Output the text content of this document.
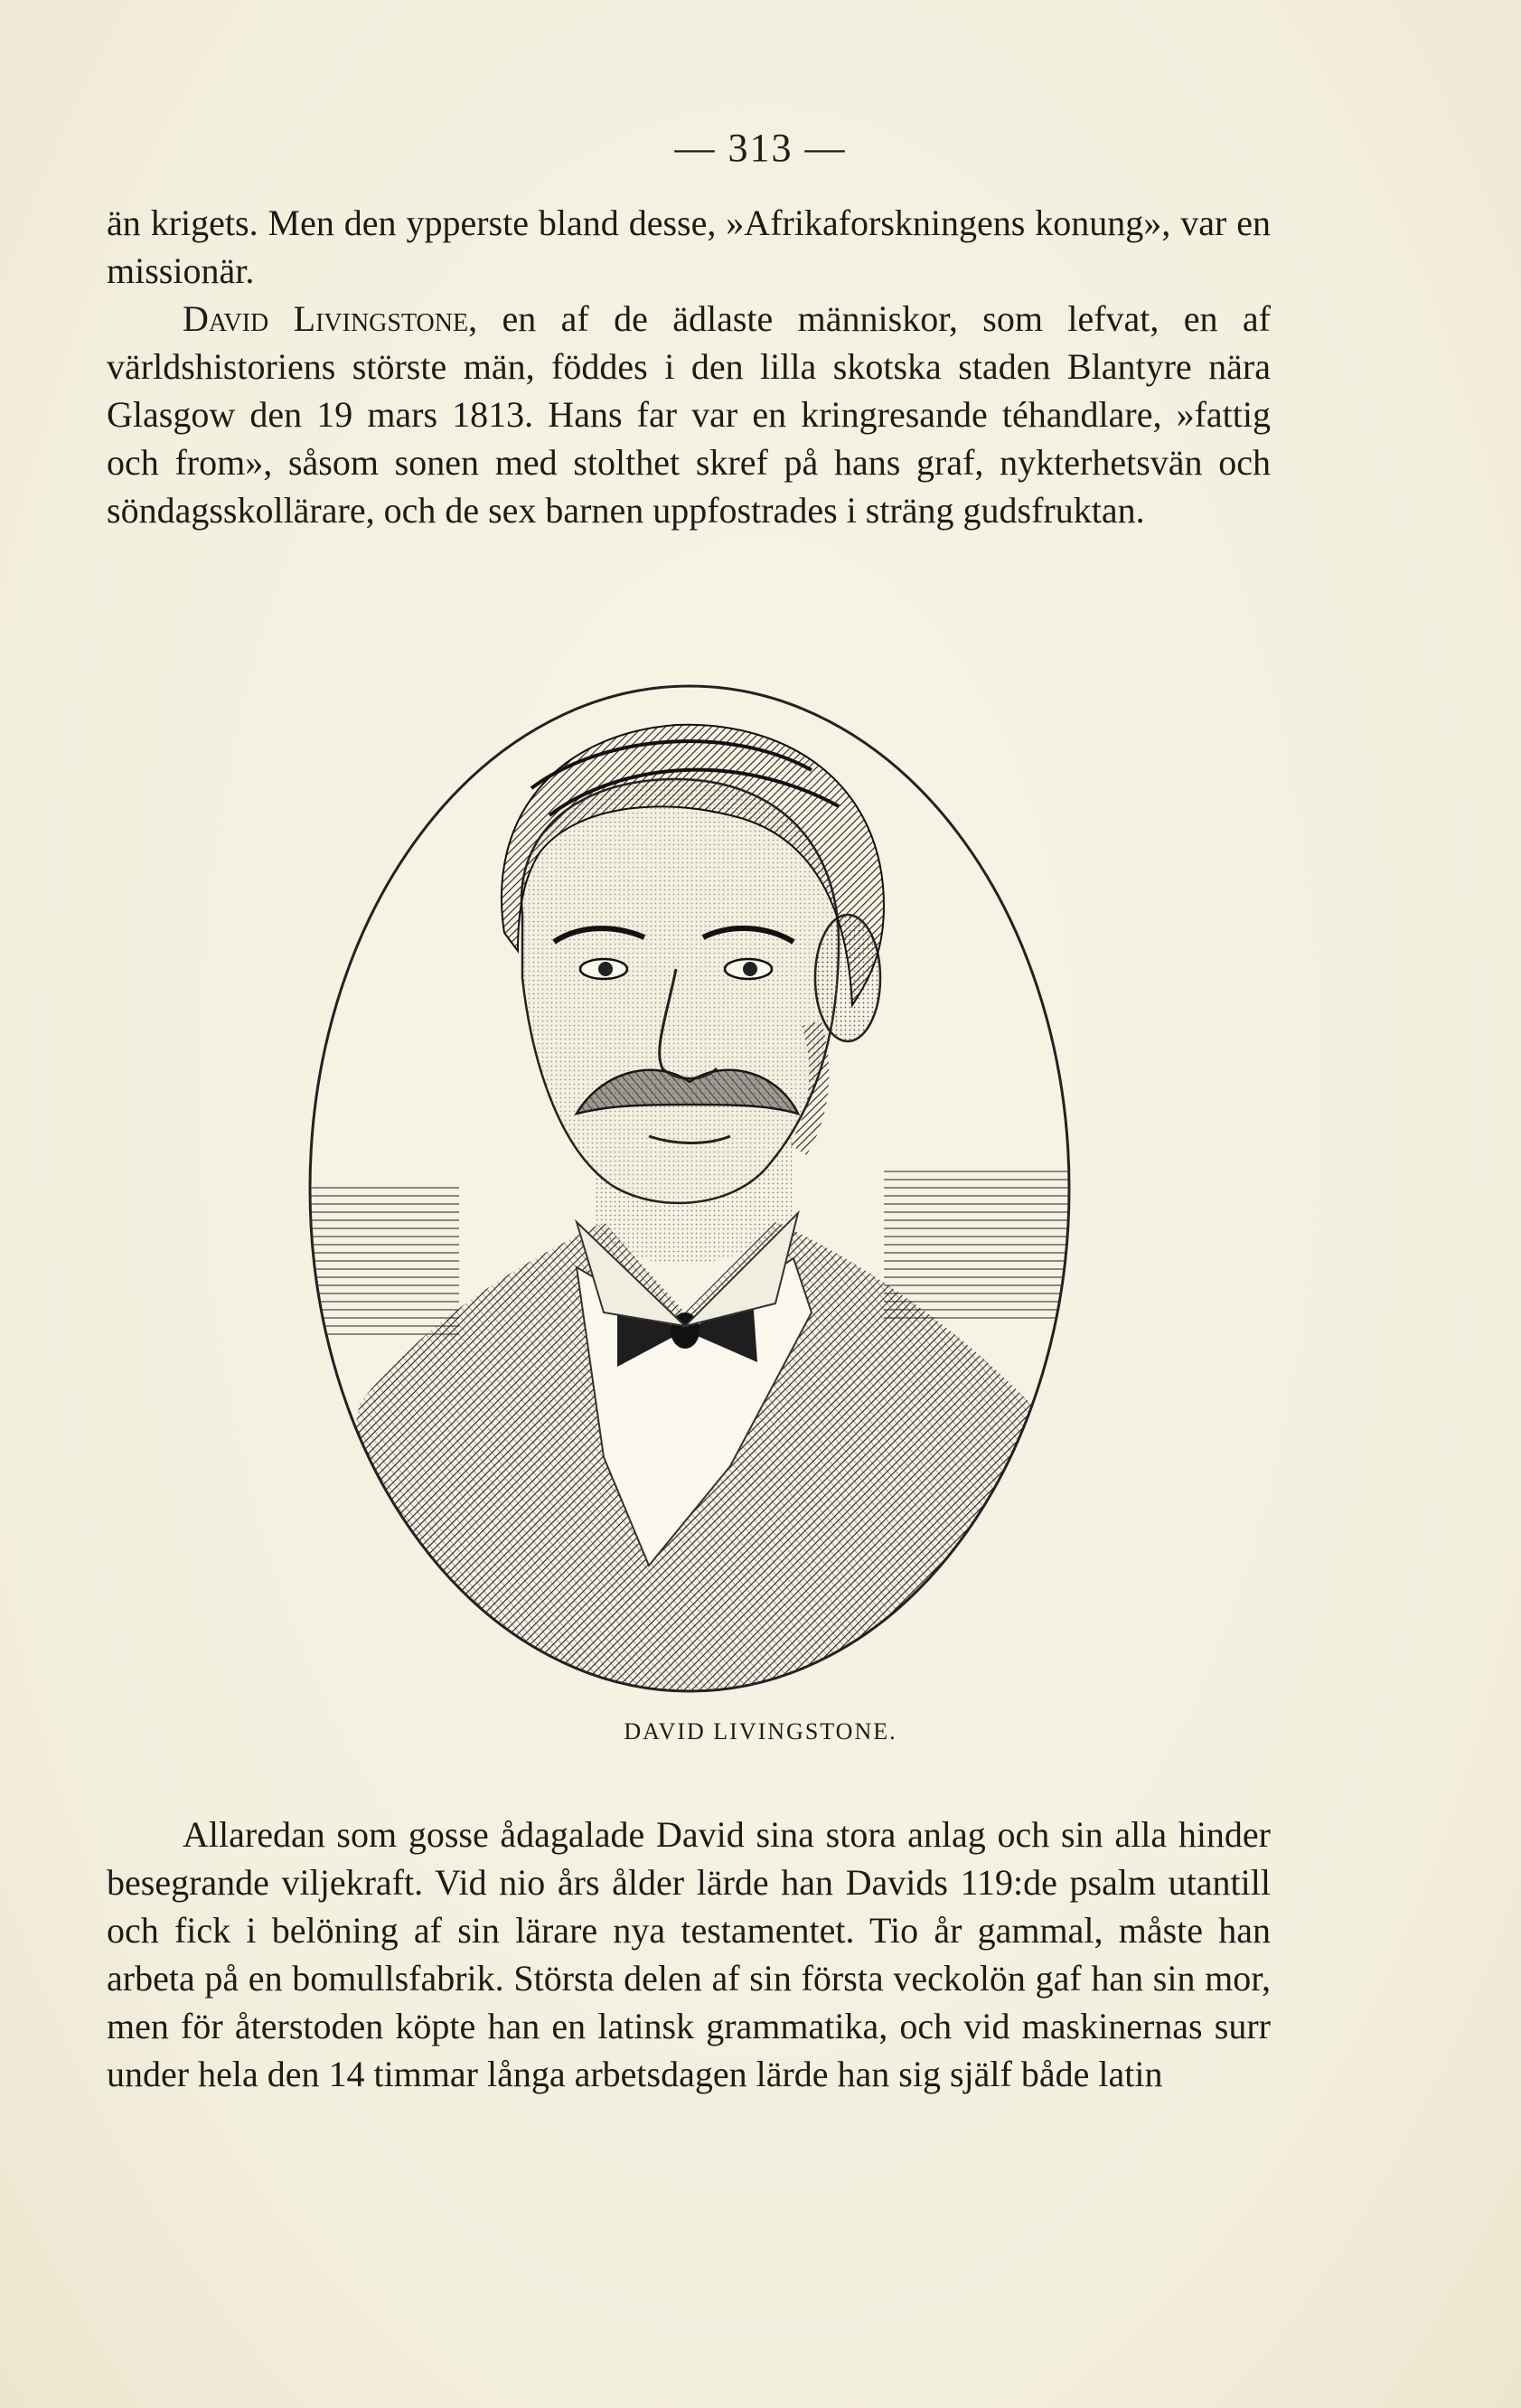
— 313 —

än krigets. Men den ypperste bland desse, »Afrikaforskningens konung», var en missionär.

David Livingstone, en af de ädlaste människor, som lefvat, en af världshistoriens störste män, föddes i den lilla skotska staden Blantyre nära Glasgow den 19 mars 1813. Hans far var en kringresande téhandlare, »fattig och from», såsom sonen med stolthet skref på hans graf, nykterhetsvän och söndagsskollärare, och de sex barnen uppfostrades i sträng gudsfruktan.

DAVID LIVINGSTONE.

Allaredan som gosse ådagalade David sina stora anlag och sin alla hinder besegrande viljekraft. Vid nio års ålder lärde han Davids 119:de psalm utantill och fick i belöning af sin lärare nya testamentet. Tio år gammal, måste han arbeta på en bomullsfabrik. Största delen af sin första veckolön gaf han sin mor, men för återstoden köpte han en latinsk grammatika, och vid maskinernas surr under hela den 14 timmar långa arbetsdagen lärde han sig själf både latin
